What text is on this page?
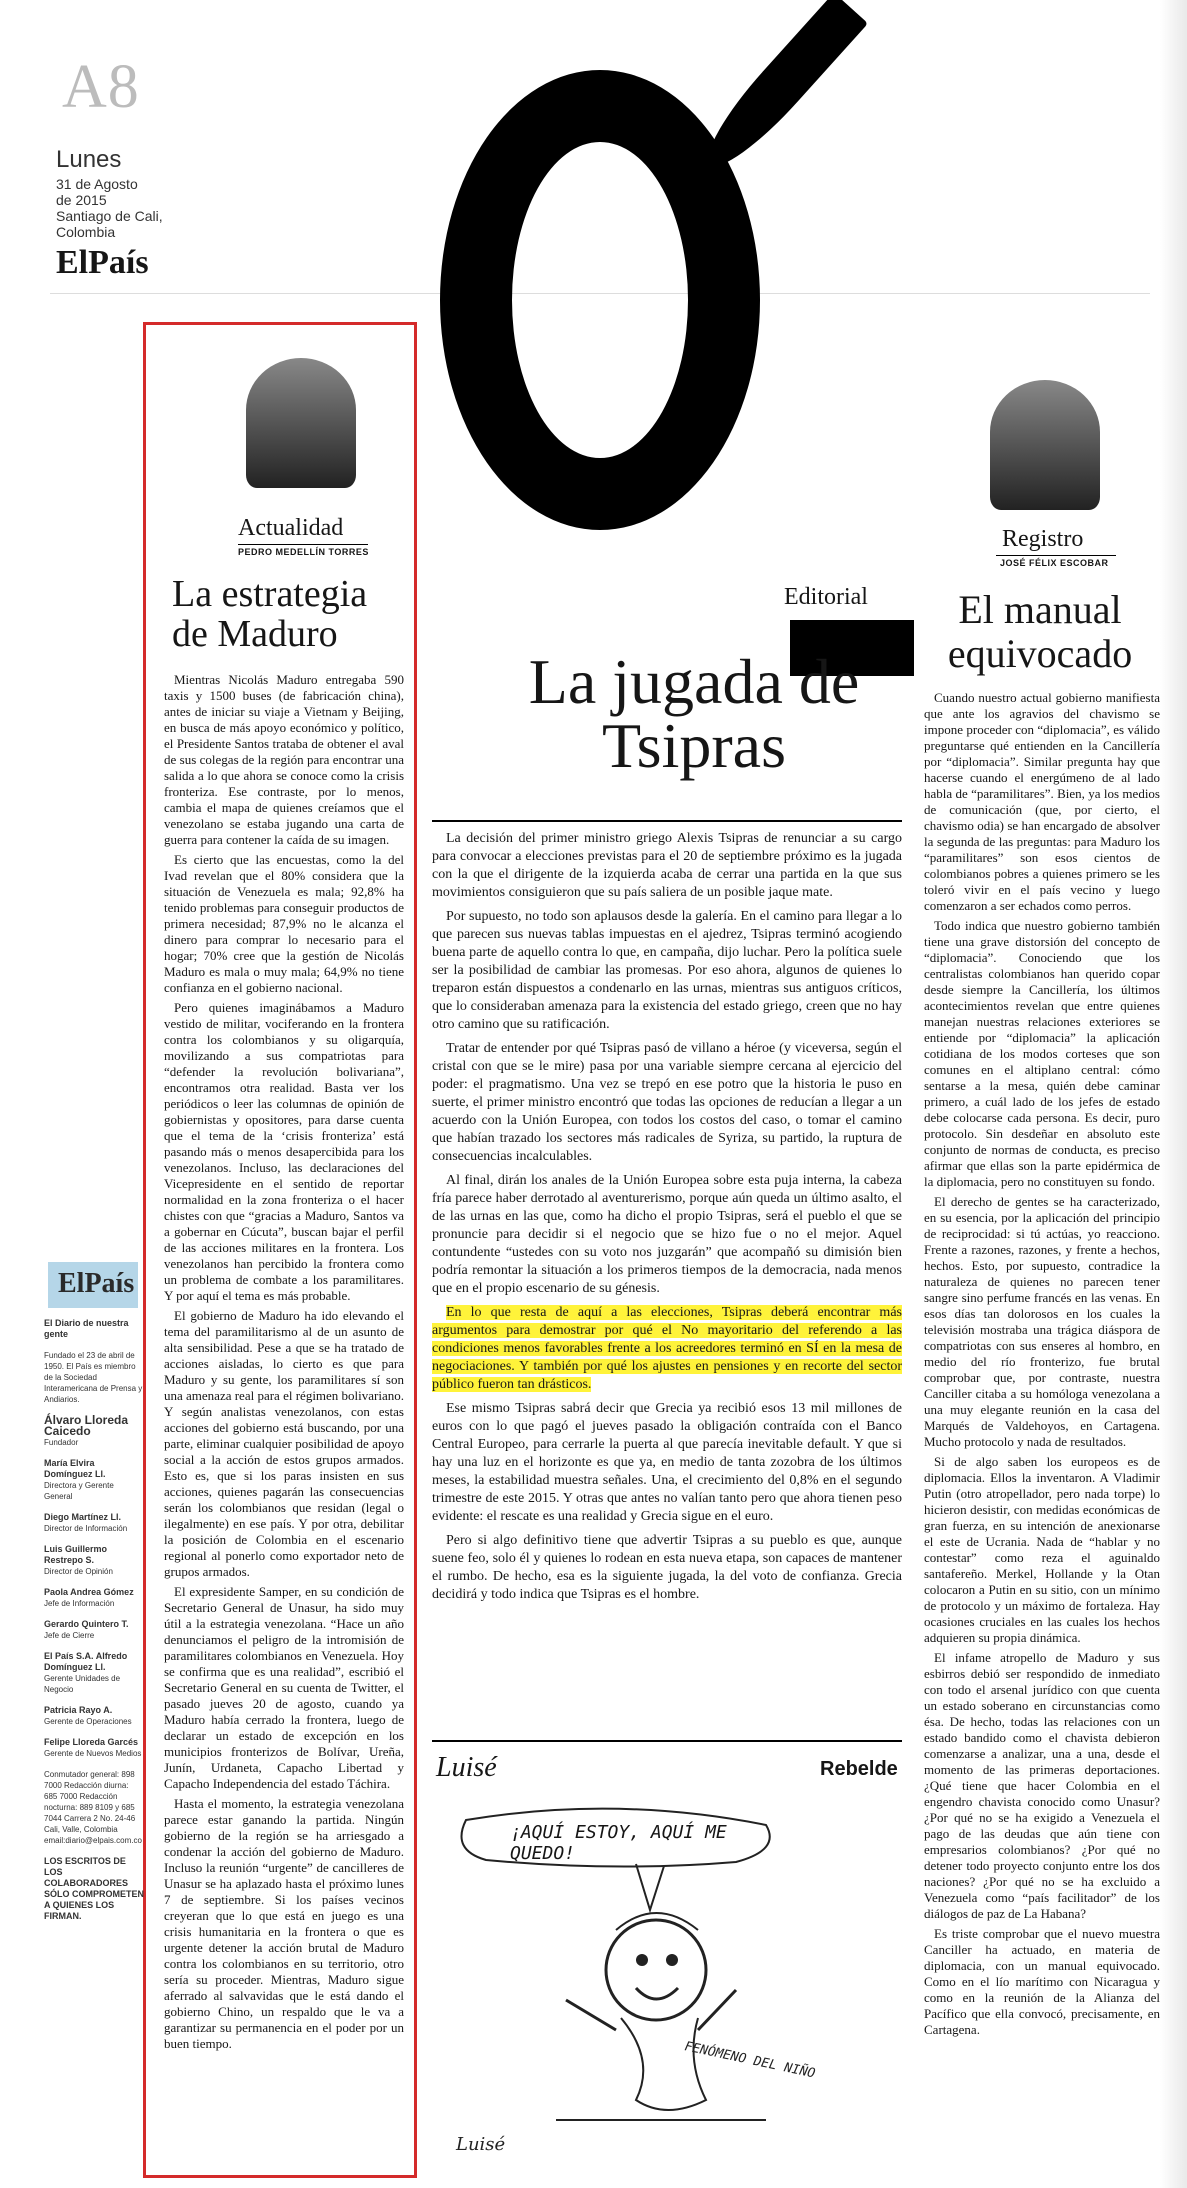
A8
Lunes
31 de Agosto
de 2015
Santiago de Cali,
Colombia
ElPaís
Actualidad
PEDRO MEDELLÍN TORRES
La estrategia de Maduro

Mientras Nicolás Maduro entregaba 590 taxis y 1500 buses (de fabricación china), antes de iniciar su viaje a Vietnam y Beijing, en busca de más apoyo económico y político, el Presidente Santos trataba de obtener el aval de sus colegas de la región para encontrar una salida a lo que ahora se conoce como la crisis fronteriza. Ese contraste, por lo menos, cambia el mapa de quienes creíamos que el venezolano se estaba jugando una carta de guerra para contener la caída de su imagen.

Es cierto que las encuestas, como la del Ivad revelan que el 80% considera que la situación de Venezuela es mala; 92,8% ha tenido problemas para conseguir productos de primera necesidad; 87,9% no le alcanza el dinero para comprar lo necesario para el hogar; 70% cree que la gestión de Nicolás Maduro es mala o muy mala; 64,9% no tiene confianza en el gobierno nacional.

Pero quienes imaginábamos a Maduro vestido de militar, vociferando en la frontera contra los colombianos y su oligarquía, movilizando a sus compatriotas para “defender la revolución bolivariana”, encontramos otra realidad. Basta ver los periódicos o leer las columnas de opinión de gobiernistas y opositores, para darse cuenta que el tema de la ‘crisis fronteriza’ está pasando más o menos desapercibida para los venezolanos. Incluso, las declaraciones del Vicepresidente en el sentido de reportar normalidad en la zona fronteriza o el hacer chistes con que “gracias a Maduro, Santos va a gobernar en Cúcuta”, buscan bajar el perfil de las acciones militares en la frontera. Los venezolanos han percibido la frontera como un problema de combate a los paramilitares. Y por aquí el tema es más probable.

El gobierno de Maduro ha ido elevando el tema del paramilitarismo al de un asunto de alta sensibilidad. Pese a que se ha tratado de acciones aisladas, lo cierto es que para Maduro y su gente, los paramilitares sí son una amenaza real para el régimen bolivariano. Y según analistas venezolanos, con estas acciones del gobierno está buscando, por una parte, eliminar cualquier posibilidad de apoyo social a la acción de estos grupos armados. Esto es, que si los paras insisten en sus acciones, quienes pagarán las consecuencias serán los colombianos que residan (legal o ilegalmente) en ese país. Y por otra, debilitar la posición de Colombia en el escenario regional al ponerlo como exportador neto de grupos armados.

El expresidente Samper, en su condición de Secretario General de Unasur, ha sido muy útil a la estrategia venezolana. “Hace un año denunciamos el peligro de la intromisión de paramilitares colombianos en Venezuela. Hoy se confirma que es una realidad”, escribió el Secretario General en su cuenta de Twitter, el pasado jueves 20 de agosto, cuando ya Maduro había cerrado la frontera, luego de declarar un estado de excepción en los municipios fronterizos de Bolívar, Ureña, Junín, Urdaneta, Capacho Libertad y Capacho Independencia del estado Táchira.

Hasta el momento, la estrategia venezolana parece estar ganando la partida. Ningún gobierno de la región se ha arriesgado a condenar la acción del gobierno de Maduro. Incluso la reunión “urgente” de cancilleres de Unasur se ha aplazado hasta el próximo lunes 7 de septiembre. Si los países vecinos creyeran que lo que está en juego es una crisis humanitaria en la frontera o que es urgente detener la acción brutal de Maduro contra los colombianos en su territorio, otro sería su proceder. Mientras, Maduro sigue aferrado al salvavidas que le está dando el gobierno Chino, un respaldo que le va a garantizar su permanencia en el poder por un buen tiempo.

ElPaís
El Diario de nuestra gente
Fundado el 23 de abril de 1950. El País es miembro de la Sociedad Interamericana de Prensa y Andiarios.
Álvaro Lloreda Caicedo
Fundador
María Elvira Domínguez Ll.
Directora y Gerente General
Diego Martínez Ll.
Director de Información
Luis Guillermo Restrepo S.
Director de Opinión
Paola Andrea Gómez
Jefe de Información
Gerardo Quintero T.
Jefe de Cierre
El País S.A. Alfredo Domínguez Ll.
Gerente Unidades de Negocio
Patricia Rayo A.
Gerente de Operaciones
Felipe Lloreda Garcés
Gerente de Nuevos Medios
Conmutador general: 898 7000 Redacción diurna: 685 7000 Redacción nocturna: 889 8109 y 685 7044 Carrera 2 No. 24-46 Cali, Valle, Colombia email:diario@elpais.com.co
LOS ESCRITOS DE LOS COLABORADORES SÓLO COMPROMETEN A QUIENES LOS FIRMAN.
Editorial
La jugada de Tsipras

La decisión del primer ministro griego Alexis Tsipras de renunciar a su cargo para convocar a elecciones previstas para el 20 de septiembre próximo es la jugada con la que el dirigente de la izquierda acaba de cerrar una partida en la que sus movimientos consiguieron que su país saliera de un posible jaque mate.

Por supuesto, no todo son aplausos desde la galería. En el camino para llegar a lo que parecen sus nuevas tablas impuestas en el ajedrez, Tsipras terminó acogiendo buena parte de aquello contra lo que, en campaña, dijo luchar. Pero la política suele ser la posibilidad de cambiar las promesas. Por eso ahora, algunos de quienes lo treparon están dispuestos a condenarlo en las urnas, mientras sus antiguos críticos, que lo consideraban amenaza para la existencia del estado griego, creen que no hay otro camino que su ratificación.

Tratar de entender por qué Tsipras pasó de villano a héroe (y viceversa, según el cristal con que se le mire) pasa por una variable siempre cercana al ejercicio del poder: el pragmatismo. Una vez se trepó en ese potro que la historia le puso en suerte, el primer ministro encontró que todas las opciones de reducían a llegar a un acuerdo con la Unión Europea, con todos los costos del caso, o tomar el camino que habían trazado los sectores más radicales de Syriza, su partido, la ruptura de consecuencias incalculables.

Al final, dirán los anales de la Unión Europea sobre esta puja interna, la cabeza fría parece haber derrotado al aventurerismo, porque aún queda un último asalto, el de las urnas en las que, como ha dicho el propio Tsipras, será el pueblo el que se pronuncie para decidir si el negocio que se hizo fue o no el mejor. Aquel contundente “ustedes con su voto nos juzgarán” que acompañó su dimisión bien podría remontar la situación a los primeros tiempos de la democracia, nada menos que en el propio escenario de su génesis.

En lo que resta de aquí a las elecciones, Tsipras deberá encontrar más argumentos para demostrar por qué el No mayoritario del referendo a las condiciones menos favorables frente a los acreedores terminó en SÍ en la mesa de negociaciones. Y también por qué los ajustes en pensiones y en recorte del sector público fueron tan drásticos.

Ese mismo Tsipras sabrá decir que Grecia ya recibió esos 13 mil millones de euros con lo que pagó el jueves pasado la obligación contraída con el Banco Central Europeo, para cerrarle la puerta al que parecía inevitable default. Y que si hay una luz en el horizonte es que ya, en medio de tanta zozobra de los últimos meses, la estabilidad muestra señales. Una, el crecimiento del 0,8% en el segundo trimestre de este 2015. Y otras que antes no valían tanto pero que ahora tienen peso evidente: el rescate es una realidad y Grecia sigue en el euro.

Pero si algo definitivo tiene que advertir Tsipras a su pueblo es que, aunque suene feo, solo él y quienes lo rodean en esta nueva etapa, son capaces de mantener el rumbo. De hecho, esa es la siguiente jugada, la del voto de confianza. Grecia decidirá y todo indica que Tsipras es el hombre.

Luisé	Rebelde
FENÓMENO DEL NIÑO
Luisé
¡AQUÍ ESTOY, AQUÍ ME QUEDO!
Registro
JOSÉ FÉLIX ESCOBAR
El manual equivocado

Cuando nuestro actual gobierno manifiesta que ante los agravios del chavismo se impone proceder con “diplomacia”, es válido preguntarse qué entienden en la Cancillería por “diplomacia”. Similar pregunta hay que hacerse cuando el energúmeno de al lado habla de “paramilitares”. Bien, ya los medios de comunicación (que, por cierto, el chavismo odia) se han encargado de absolver la segunda de las preguntas: para Maduro los “paramilitares” son esos cientos de colombianos pobres a quienes primero se les toleró vivir en el país vecino y luego comenzaron a ser echados como perros.

Todo indica que nuestro gobierno también tiene una grave distorsión del concepto de “diplomacia”. Conociendo que los centralistas colombianos han querido copar desde siempre la Cancillería, los últimos acontecimientos revelan que entre quienes manejan nuestras relaciones exteriores se entiende por “diplomacia” la aplicación cotidiana de los modos corteses que son comunes en el altiplano central: cómo sentarse a la mesa, quién debe caminar primero, a cuál lado de los jefes de estado debe colocarse cada persona. Es decir, puro protocolo. Sin desdeñar en absoluto este conjunto de normas de conducta, es preciso afirmar que ellas son la parte epidérmica de la diplomacia, pero no constituyen su fondo.

El derecho de gentes se ha caracterizado, en su esencia, por la aplicación del principio de reciprocidad: si tú actúas, yo reacciono. Frente a razones, razones, y frente a hechos, hechos. Esto, por supuesto, contradice la naturaleza de quienes no parecen tener sangre sino perfume francés en las venas. En esos días tan dolorosos en los cuales la televisión mostraba una trágica diáspora de compatriotas con sus enseres al hombro, en medio del río fronterizo, fue brutal comprobar que, por contraste, nuestra Canciller citaba a su homóloga venezolana a una muy elegante reunión en la casa del Marqués de Valdehoyos, en Cartagena. Mucho protocolo y nada de resultados.

Si de algo saben los europeos es de diplomacia. Ellos la inventaron. A Vladimir Putin (otro atropellador, pero nada torpe) lo hicieron desistir, con medidas económicas de gran fuerza, en su intención de anexionarse el este de Ucrania. Nada de “hablar y no contestar” como reza el aguinaldo santafereño. Merkel, Hollande y la Otan colocaron a Putin en su sitio, con un mínimo de protocolo y un máximo de fortaleza. Hay ocasiones cruciales en las cuales los hechos adquieren su propia dinámica.

El infame atropello de Maduro y sus esbirros debió ser respondido de inmediato con todo el arsenal jurídico con que cuenta un estado soberano en circunstancias como ésa. De hecho, todas las relaciones con un estado bandido como el chavista debieron comenzarse a analizar, una a una, desde el momento de las primeras deportaciones. ¿Qué tiene que hacer Colombia en el engendro chavista conocido como Unasur? ¿Por qué no se ha exigido a Venezuela el pago de las deudas que aún tiene con empresarios colombianos? ¿Por qué no detener todo proyecto conjunto entre los dos naciones? ¿Por qué no se ha excluido a Venezuela como “país facilitador” de los diálogos de paz de La Habana?

Es triste comprobar que el nuevo muestra Canciller ha actuado, en materia de diplomacia, con un manual equivocado. Como en el lío marítimo con Nicaragua y como en la reunión de la Alianza del Pacífico que ella convocó, precisamente, en Cartagena.
